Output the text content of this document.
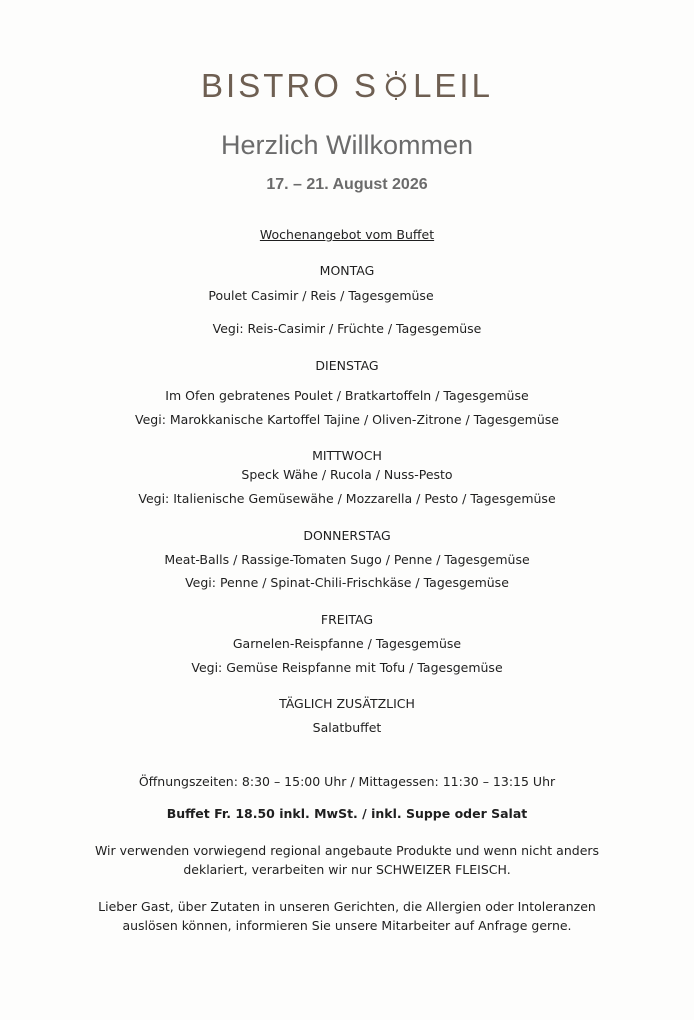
BISTRO S LEIL
Herzlich Willkommen
17. – 21. August 2026
Wochenangebot vom Buffet
MONTAG
Poulet Casimir / Reis / Tagesgemüse
Vegi: Reis-Casimir / Früchte / Tagesgemüse
DIENSTAG
Im Ofen gebratenes Poulet / Bratkartoffeln / Tagesgemüse
Vegi: Marokkanische Kartoffel Tajine / Oliven-Zitrone / Tagesgemüse
MITTWOCH
Speck Wähe / Rucola / Nuss-Pesto
Vegi: Italienische Gemüsewähe / Mozzarella / Pesto / Tagesgemüse
DONNERSTAG
Meat-Balls / Rassige-Tomaten Sugo / Penne / Tagesgemüse
Vegi: Penne / Spinat-Chili-Frischkäse / Tagesgemüse
FREITAG
Garnelen-Reispfanne / Tagesgemüse
Vegi: Gemüse Reispfanne mit Tofu / Tagesgemüse
TÄGLICH ZUSÄTZLICH
Salatbuffet
Öffnungszeiten: 8:30 – 15:00 Uhr / Mittagessen: 11:30 – 13:15 Uhr
Buffet Fr. 18.50 inkl. MwSt. / inkl. Suppe oder Salat
Wir verwenden vorwiegend regional angebaute Produkte und wenn nicht anders
deklariert, verarbeiten wir nur SCHWEIZER FLEISCH.
Lieber Gast, über Zutaten in unseren Gerichten, die Allergien oder Intoleranzen
auslösen können, informieren Sie unsere Mitarbeiter auf Anfrage gerne.
